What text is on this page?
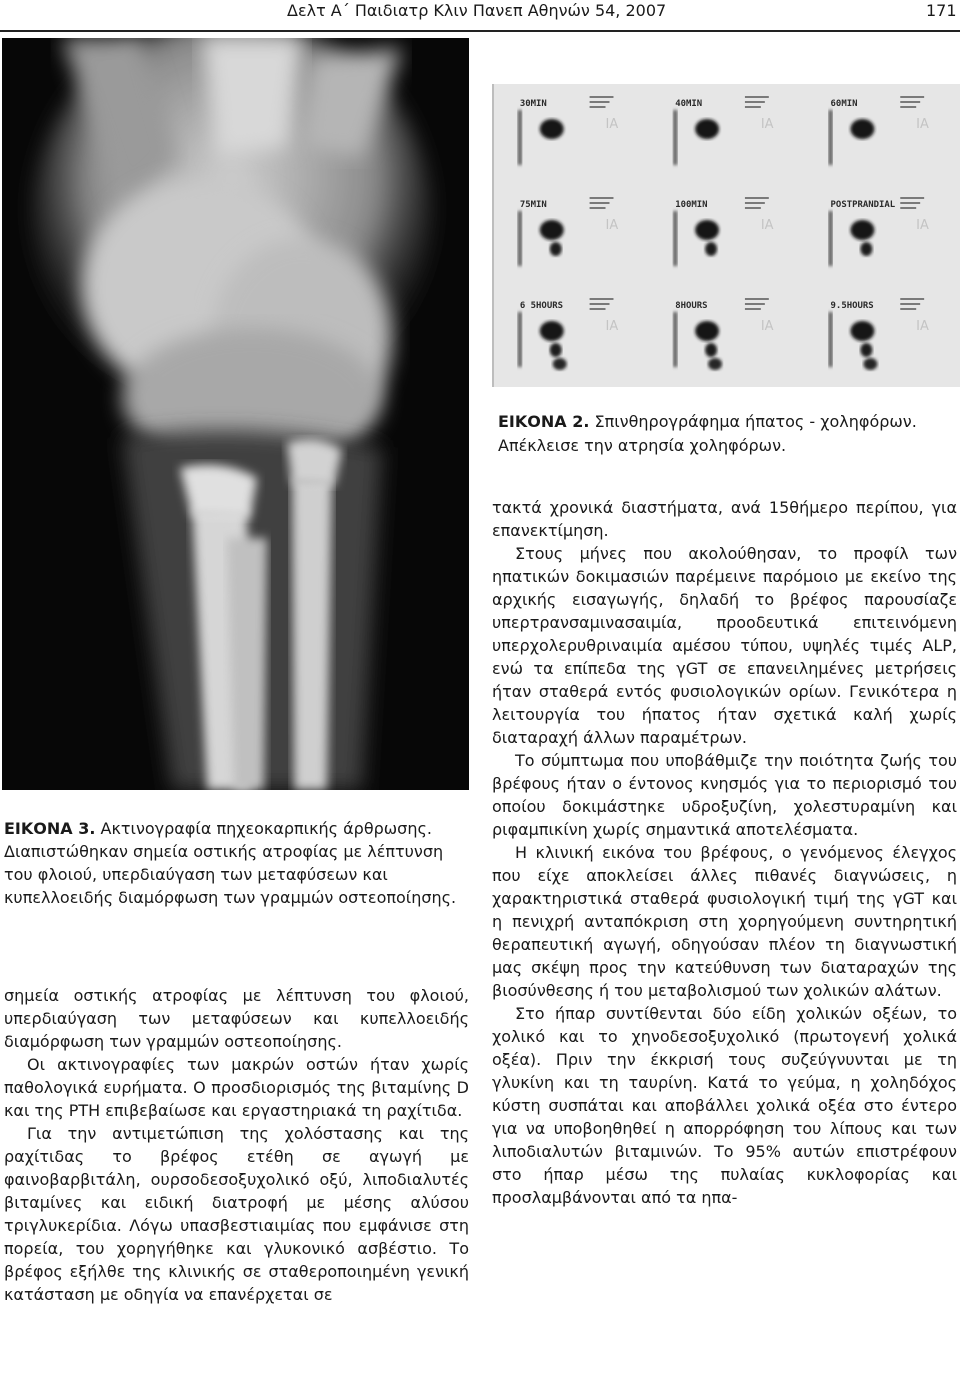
Δελτ Α΄ Παιδιατρ Κλιν Πανεπ Αθηνών 54, 2007	171
30MIN
IA
40MIN
IA
60MIN
IA
75MIN
IA
100MIN
IA
POSTPRANDIAL
IA
6 5HOURS
IA
8HOURS
IA
9.5HOURS
IA
ΕΙΚΟΝΑ 2. Σπινθηρογράφημα ήπατος - χοληφόρων. Απέκλεισε την ατρησία χοληφόρων.
ΕΙΚΟΝΑ 3. Ακτινογραφία πηχεοκαρπικής άρθρωσης. Διαπιστώθηκαν σημεία οστικής ατροφίας με λέπτυνση του φλοιού, υπερδιαύγαση των μεταφύσεων και κυπελλοειδής διαμόρφωση των γραμμών οστεοποίησης.

σημεία οστικής ατροφίας με λέπτυνση του φλοιού, υπερδιαύγαση των μεταφύσεων και κυπελλοειδής διαμόρφωση των γραμμών οστεοποίησης.

Οι ακτινογραφίες των μακρών οστών ήταν χωρίς παθολογικά ευρήματα. Ο προσδιορισμός της βιταμίνης D και της PTH επιβεβαίωσε και εργαστηριακά τη ραχίτιδα.

Για την αντιμετώπιση της χολόστασης και της ραχίτιδας το βρέφος ετέθη σε αγωγή με φαινοβαρβιτάλη, ουρσοδεσοξυχολικό οξύ, λιποδιαλυτές βιταμίνες και ειδική διατροφή με μέσης αλύσου τριγλυκερίδια. Λόγω υπασβεστιαιμίας που εμφάνισε στη πορεία, του χορηγήθηκε και γλυκονικό ασβέστιο. Το βρέφος εξήλθε της κλινικής σε σταθεροποιημένη γενική κατάσταση με οδηγία να επανέρχεται σε

τακτά χρονικά διαστήματα, ανά 15θήμερο περίπου, για επανεκτίμηση.

Στους μήνες που ακολούθησαν, το προφίλ των ηπατικών δοκιμασιών παρέμεινε παρόμοιο με εκείνο της αρχικής εισαγωγής, δηλαδή το βρέφος παρουσίαζε υπερτρανσαμινασαιμία, προοδευτικά επιτεινόμενη υπερχολερυθριναιμία αμέσου τύπου, υψηλές τιμές ALP, ενώ τα επίπεδα της γGT σε επανειλημένες μετρήσεις ήταν σταθερά εντός φυσιολογικών ορίων. Γενικότερα η λειτουργία του ήπατος ήταν σχετικά καλή χωρίς διαταραχή άλλων παραμέτρων.

Το σύμπτωμα που υποβάθμιζε την ποιότητα ζωής του βρέφους ήταν ο έντονος κνησμός για το περιορισμό του οποίου δοκιμάστηκε υδροξυζίνη, χολεστυραμίνη και ριφαμπικίνη χωρίς σημαντικά αποτελέσματα.

Η κλινική εικόνα του βρέφους, ο γενόμενος έλεγχος που είχε αποκλείσει άλλες πιθανές διαγνώσεις, η χαρακτηριστικά σταθερά φυσιολογική τιμή της γGT και η πενιχρή ανταπόκριση στη χορηγούμενη συντηρητική θεραπευτική αγωγή, οδηγούσαν πλέον τη διαγνωστική μας σκέψη προς την κατεύθυνση των διαταραχών της βιοσύνθεσης ή του μεταβολισμού των χολικών αλάτων.

Στο ήπαρ συντίθενται δύο είδη χολικών οξέων, το χολικό και το χηνοδεσοξυχολικό (πρωτογενή χολικά οξέα). Πριν την έκκρισή τους συζεύγνυνται με τη γλυκίνη και τη ταυρίνη. Κατά το γεύμα, η χοληδόχος κύστη συσπάται και αποβάλλει χολικά οξέα στο έντερο για να υποβοηθηθεί η απορρόφηση του λίπους και των λιποδιαλυτών βιταμινών. Το 95% αυτών επιστρέφουν στο ήπαρ μέσω της πυλαίας κυκλοφορίας και προσλαμβάνονται από τα ηπα-
